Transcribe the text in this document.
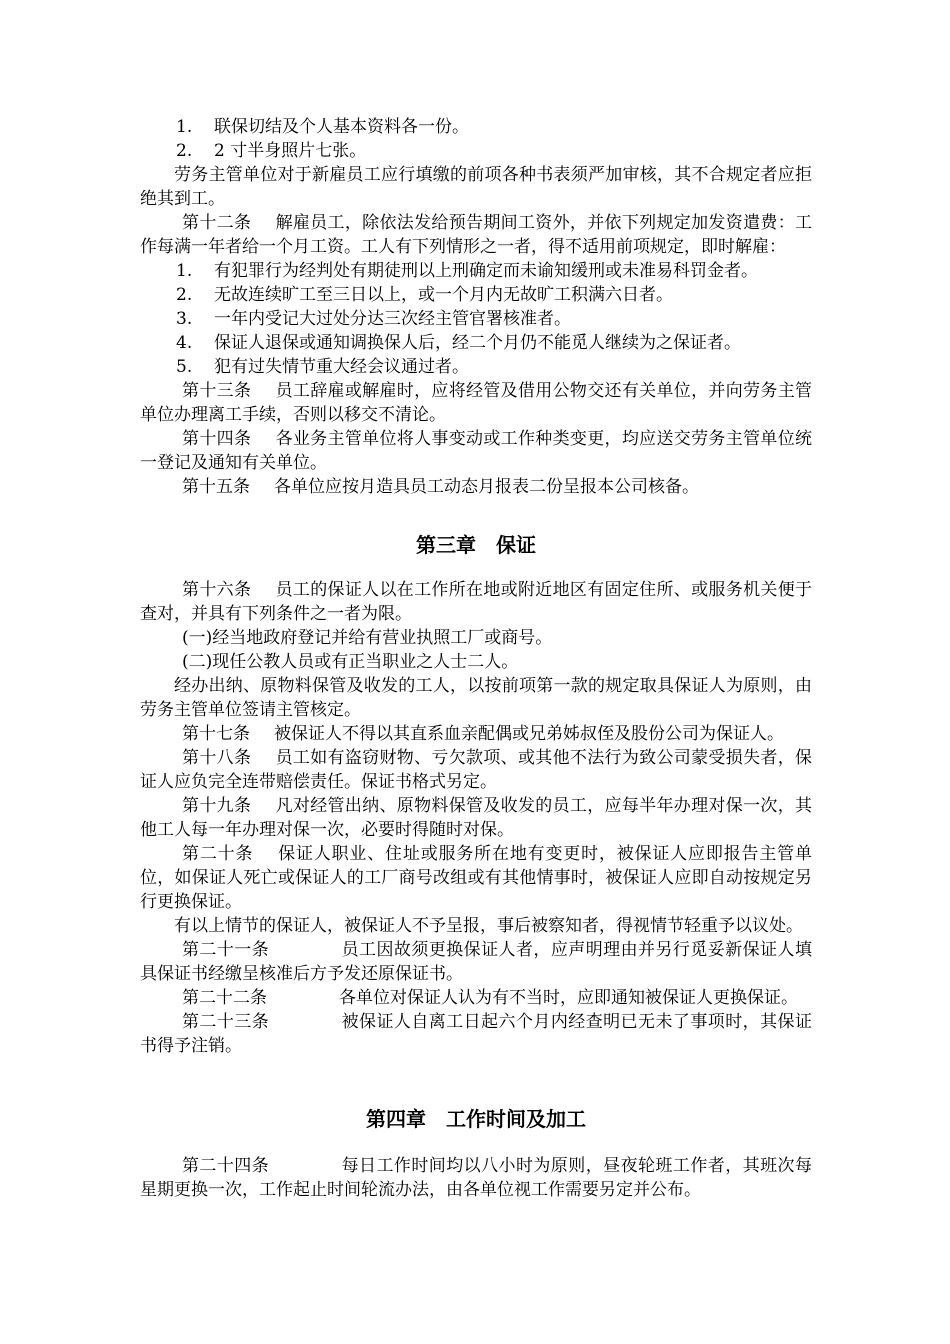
1.	联保切结及个人基本资料各一份。
2.	2 寸半身照片七张。

劳务主管单位对于新雇员工应行填缴的前项各种书表须严加审核，其不合规定者应拒绝其到工。

第十二条 解雇员工，除依法发给预告期间工资外，并依下列规定加发资遣费：工作每满一年者给一个月工资。工人有下列情形之一者，得不适用前项规定，即时解雇：

1.	有犯罪行为经判处有期徒刑以上刑确定而未谕知缓刑或未准易科罚金者。
2.	无故连续旷工至三日以上，或一个月内无故旷工积满六日者。
3.	一年内受记大过处分达三次经主管官署核准者。
4.	保证人退保或通知调换保人后，经二个月仍不能觅人继续为之保证者。
5.	犯有过失情节重大经会议通过者。

第十三条 员工辞雇或解雇时，应将经管及借用公物交还有关单位，并向劳务主管单位办理离工手续，否则以移交不清论。

第十四条 各业务主管单位将人事变动或工作种类变更，均应送交劳务主管单位统一登记及通知有关单位。

第十五条 各单位应按月造具员工动态月报表二份呈报本公司核备。

第三章 保证

第十六条 员工的保证人以在工作所在地或附近地区有固定住所、或服务机关便于查对，并具有下列条件之一者为限。

(一)经当地政府登记并给有营业执照工厂或商号。

(二)现任公教人员或有正当职业之人士二人。

经办出纳、原物料保管及收发的工人，以按前项第一款的规定取具保证人为原则，由劳务主管单位签请主管核定。

第十七条 被保证人不得以其直系血亲配偶或兄弟姊叔侄及股份公司为保证人。

第十八条 员工如有盗窃财物、亏欠款项、或其他不法行为致公司蒙受损失者，保证人应负完全连带赔偿责任。保证书格式另定。

第十九条 凡对经管出纳、原物料保管及收发的员工，应每半年办理对保一次，其他工人每一年办理对保一次，必要时得随时对保。

第二十条 保证人职业、住址或服务所在地有变更时，被保证人应即报告主管单位，如保证人死亡或保证人的工厂商号改组或有其他情事时，被保证人应即自动按规定另行更换保证。

有以上情节的保证人，被保证人不予呈报，事后被察知者，得视情节轻重予以议处。

第二十一条	员工因故须更换保证人者，应声明理由并另行觅妥新保证人填具保证书经缴呈核准后方予发还原保证书。

第二十二条	各单位对保证人认为有不当时，应即通知被保证人更换保证。

第二十三条	被保证人自离工日起六个月内经查明已无未了事项时，其保证书得予注销。

第四章 工作时间及加工

第二十四条	每日工作时间均以八小时为原则，昼夜轮班工作者，其班次每星期更换一次，工作起止时间轮流办法，由各单位视工作需要另定并公布。
